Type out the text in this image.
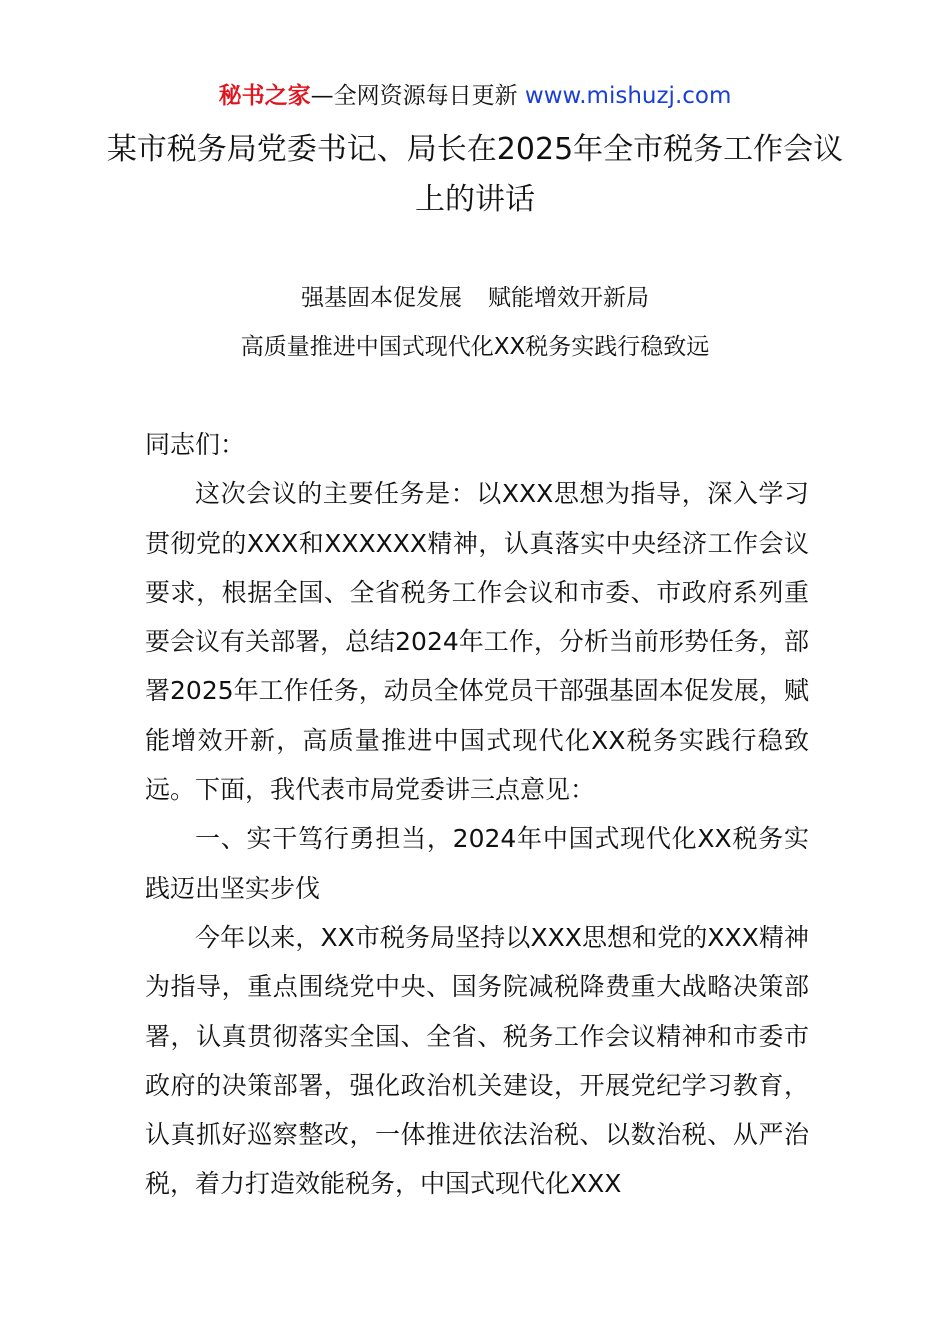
秘书之家—全网资源每日更新 www.mishuzj.com
某市税务局党委书记、局长在2025年全市税务工作会议上的讲话
强基固本促发展 赋能增效开新局
高质量推进中国式现代化XX税务实践行稳致远

同志们：

这次会议的主要任务是：以XXX思想为指导，深入学习贯彻党的XXX和XXXXXX精神，认真落实中央经济工作会议要求，根据全国、全省税务工作会议和市委、市政府系列重要会议有关部署，总结2024年工作，分析当前形势任务，部署2025年工作任务，动员全体党员干部强基固本促发展，赋能增效开新，高质量推进中国式现代化XX税务实践行稳致远。下面，我代表市局党委讲三点意见：

一、实干笃行勇担当，2024年中国式现代化XX税务实践迈出坚实步伐

今年以来，XX市税务局坚持以XXX思想和党的XXX精神为指导，重点围绕党中央、国务院减税降费重大战略决策部署，认真贯彻落实全国、全省、税务工作会议精神和市委市政府的决策部署，强化政治机关建设，开展党纪学习教育，认真抓好巡察整改，一体推进依法治税、以数治税、从严治税，着力打造效能税务，中国式现代化XXX
